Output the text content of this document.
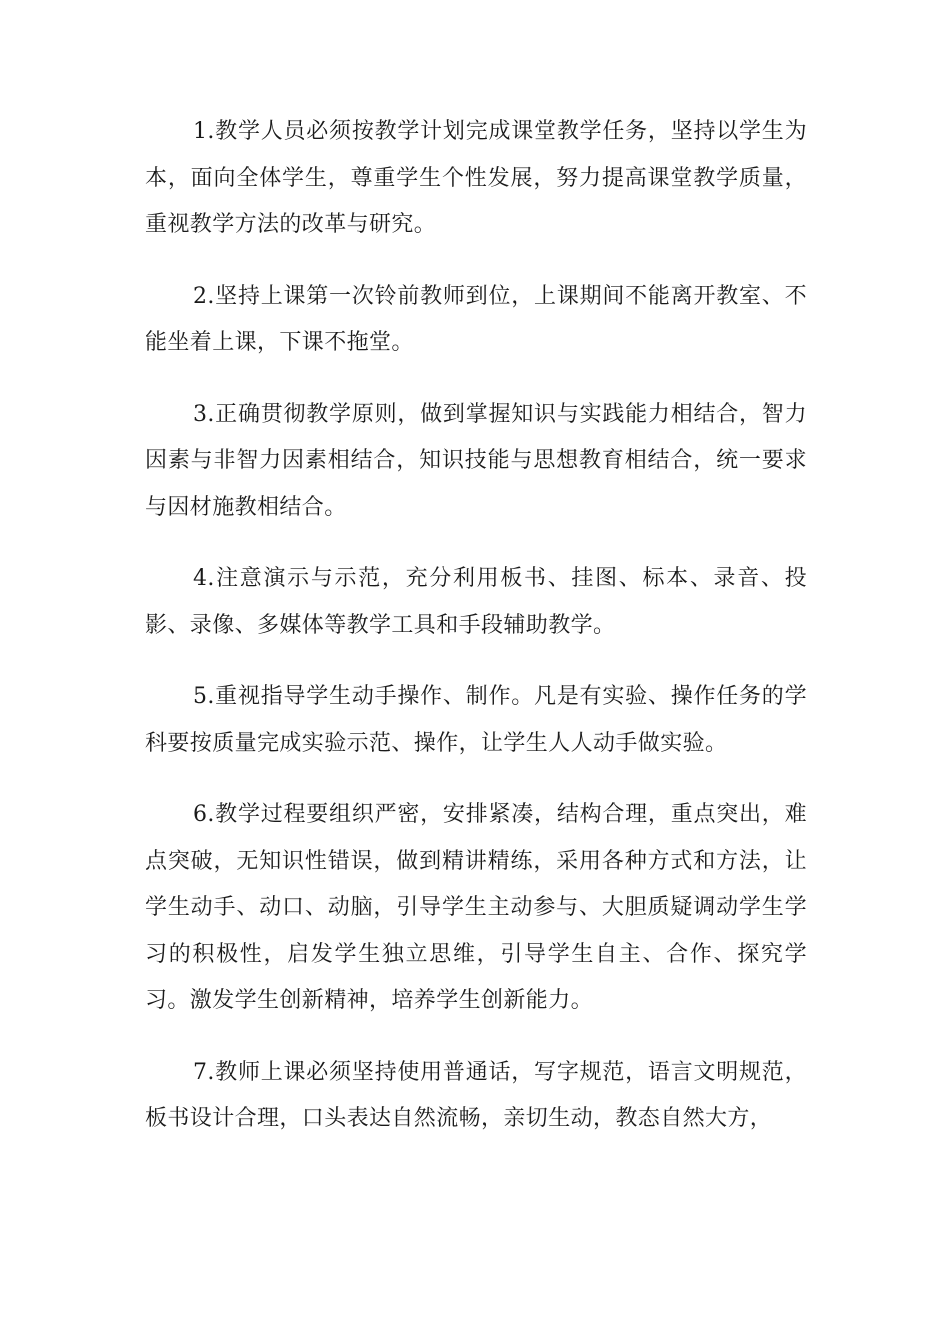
1.教学人员必须按教学计划完成课堂教学任务，坚持以学生为本，面向全体学生，尊重学生个性发展，努力提高课堂教学质量，重视教学方法的改革与研究。

2.坚持上课第一次铃前教师到位，上课期间不能离开教室、不能坐着上课，下课不拖堂。

3.正确贯彻教学原则，做到掌握知识与实践能力相结合，智力因素与非智力因素相结合，知识技能与思想教育相结合，统一要求与因材施教相结合。

4.注意演示与示范，充分利用板书、挂图、标本、录音、投影、录像、多媒体等教学工具和手段辅助教学。

5.重视指导学生动手操作、制作。凡是有实验、操作任务的学科要按质量完成实验示范、操作，让学生人人动手做实验。

6.教学过程要组织严密，安排紧凑，结构合理，重点突出，难点突破，无知识性错误，做到精讲精练，采用各种方式和方法，让学生动手、动口、动脑，引导学生主动参与、大胆质疑调动学生学习的积极性，启发学生独立思维，引导学生自主、合作、探究学习。激发学生创新精神，培养学生创新能力。

7.教师上课必须坚持使用普通话，写字规范，语言文明规范，板书设计合理，口头表达自然流畅，亲切生动，教态自然大方，
